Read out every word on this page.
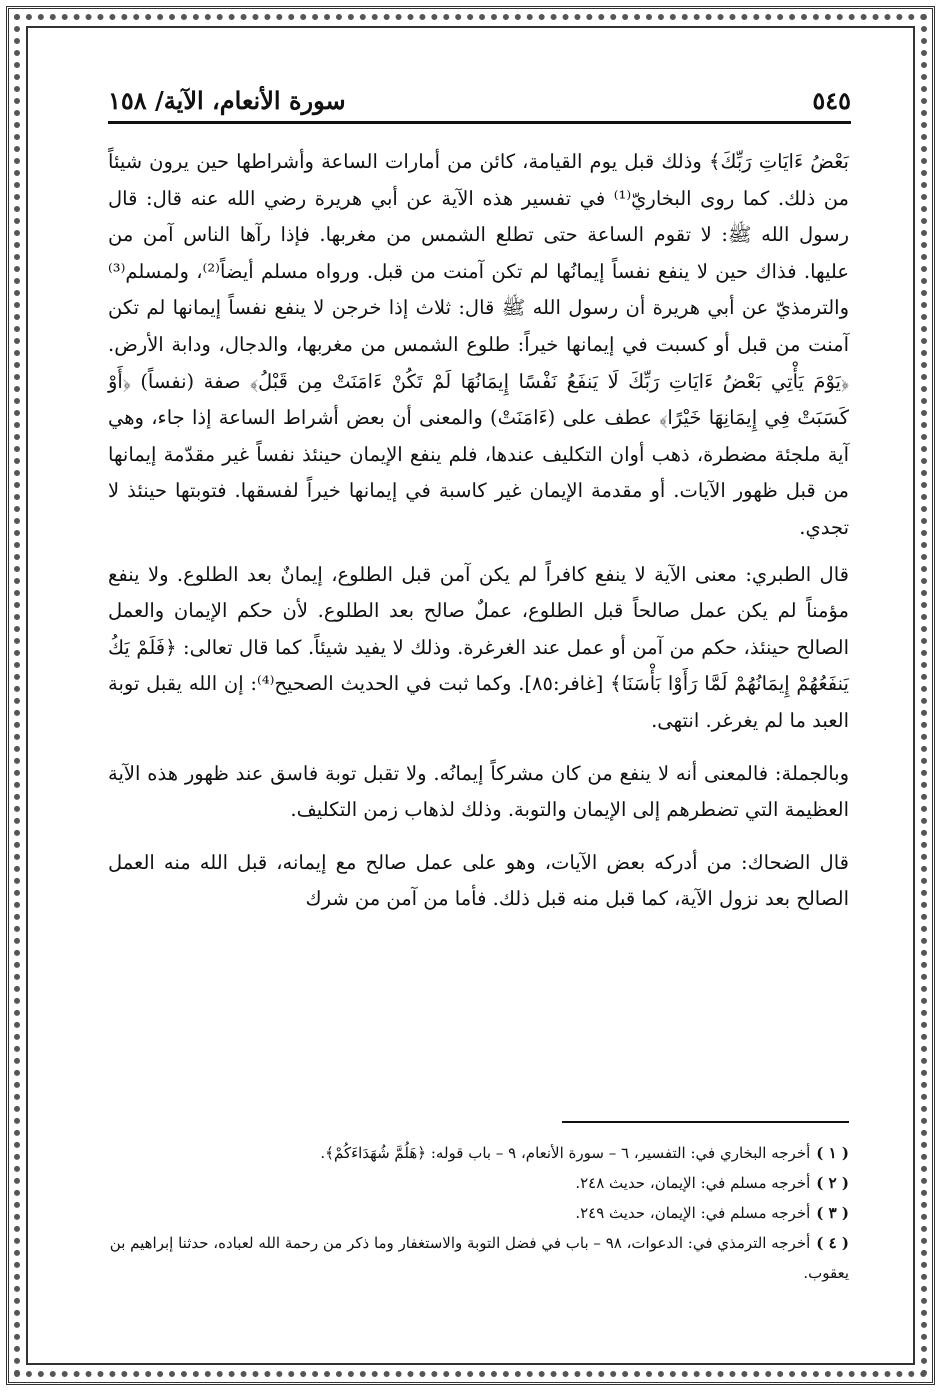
سورة الأنعام، الآية/ ١٥٨	٥٤٥

بَعْضُ ءَايَاتِ رَبِّكَ﴾ وذلك قبل يوم القيامة، كائن من أمارات الساعة وأشراطها حين يرون شيئاً من ذلك. كما روى البخاريّ⁽¹⁾ في تفسير هذه الآية عن أبي هريرة رضي الله عنه قال: قال رسول الله ﷺ: لا تقوم الساعة حتى تطلع الشمس من مغربها. فإذا رآها الناس آمن من عليها. فذاك حين لا ينفع نفساً إيمانُها لم تكن آمنت من قبل. ورواه مسلم أيضاً⁽²⁾، ولمسلم⁽³⁾ والترمذيّ عن أبي هريرة أن رسول الله ﷺ قال: ثلاث إذا خرجن لا ينفع نفساً إيمانها لم تكن آمنت من قبل أو كسبت في إيمانها خيراً: طلوع الشمس من مغربها، والدجال، ودابة الأرض. ﴿يَوْمَ يَأْتِي بَعْضُ ءَايَاتِ رَبِّكَ لَا يَنفَعُ نَفْسًا إِيمَانُهَا لَمْ تَكُنْ ءَامَنَتْ مِن قَبْلُ﴾ صفة (نفساً) ﴿أَوْ كَسَبَتْ فِي إِيمَانِهَا خَيْرًا﴾ عطف على (ءَامَنَتْ) والمعنى أن بعض أشراط الساعة إذا جاء، وهي آية ملجئة مضطرة، ذهب أوان التكليف عندها، فلم ينفع الإيمان حينئذ نفساً غير مقدّمة إيمانها من قبل ظهور الآيات. أو مقدمة الإيمان غير كاسبة في إيمانها خيراً لفسقها. فتوبتها حينئذ لا تجدي.

قال الطبري: معنى الآية لا ينفع كافراً لم يكن آمن قبل الطلوع، إيمانٌ بعد الطلوع. ولا ينفع مؤمناً لم يكن عمل صالحاً قبل الطلوع، عملٌ صالح بعد الطلوع. لأن حكم الإيمان والعمل الصالح حينئذ، حكم من آمن أو عمل عند الغرغرة. وذلك لا يفيد شيئاً. كما قال تعالى: ﴿فَلَمْ يَكُ يَنفَعُهُمْ إِيمَانُهُمْ لَمَّا رَأَوْا بَأْسَنَا﴾ [غافر:٨٥]. وكما ثبت في الحديث الصحيح⁽⁴⁾: إن الله يقبل توبة العبد ما لم يغرغر. انتهى.

وبالجملة: فالمعنى أنه لا ينفع من كان مشركاً إيمانُه. ولا تقبل توبة فاسق عند ظهور هذه الآية العظيمة التي تضطرهم إلى الإيمان والتوبة. وذلك لذهاب زمن التكليف.

قال الضحاك: من أدركه بعض الآيات، وهو على عمل صالح مع إيمانه، قبل الله منه العمل الصالح بعد نزول الآية، كما قبل منه قبل ذلك. فأما من آمن من شرك

( ١ )أخرجه البخاري في: التفسير، ٦ – سورة الأنعام، ٩ – باب قوله: ﴿هَلُمَّ شُهَدَاءَكُمْ﴾.

( ٢ )أخرجه مسلم في: الإيمان، حديث ٢٤٨.

( ٣ )أخرجه مسلم في: الإيمان، حديث ٢٤٩.

( ٤ )أخرجه الترمذي في: الدعوات، ٩٨ – باب في فضل التوبة والاستغفار وما ذكر من رحمة الله لعباده، حدثنا إبراهيم بن يعقوب.
